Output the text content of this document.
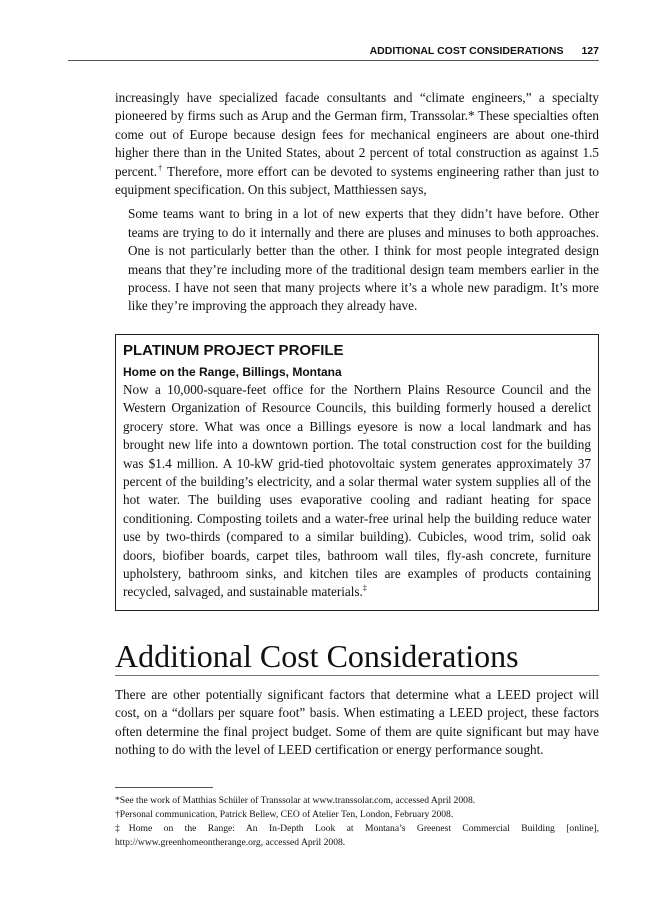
ADDITIONAL COST CONSIDERATIONS 127

increasingly have specialized facade consultants and “climate engineers,” a specialty pioneered by firms such as Arup and the German firm, Transsolar.* These specialties often come out of Europe because design fees for mechanical engineers are about one-third higher there than in the United States, about 2 percent of total construction as against 1.5 percent.† Therefore, more effort can be devoted to systems engineering rather than just to equipment specification. On this subject, Matthiessen says,

Some teams want to bring in a lot of new experts that they didn’t have before. Other teams are trying to do it internally and there are pluses and minuses to both approaches. One is not particularly better than the other. I think for most people integrated design means that they’re including more of the traditional design team members earlier in the process. I have not seen that many projects where it’s a whole new paradigm. It’s more like they’re improving the approach they already have.
PLATINUM PROJECT PROFILE
Home on the Range, Billings, Montana

Now a 10,000-square-feet office for the Northern Plains Resource Council and the Western Organization of Resource Councils, this building formerly housed a derelict grocery store. What was once a Billings eyesore is now a local landmark and has brought new life into a downtown portion. The total construction cost for the building was $1.4 million. A 10-kW grid-tied photovoltaic system generates approximately 37 percent of the building’s electricity, and a solar thermal water system supplies all of the hot water. The building uses evaporative cooling and radiant heating for space conditioning. Composting toilets and a water-free urinal help the building reduce water use by two-thirds (compared to a similar building). Cubicles, wood trim, solid oak doors, biofiber boards, carpet tiles, bathroom wall tiles, fly-ash concrete, furniture upholstery, bathroom sinks, and kitchen tiles are examples of products containing recycled, salvaged, and sustainable materials.‡

Additional Cost Considerations

There are other potentially significant factors that determine what a LEED project will cost, on a “dollars per square foot” basis. When estimating a LEED project, these factors often determine the final project budget. Some of them are quite significant but may have nothing to do with the level of LEED certification or energy performance sought.

*See the work of Matthias Schüler of Transsolar at www.transsolar.com, accessed April 2008.
†Personal communication, Patrick Bellew, CEO of Atelier Ten, London, February 2008.
‡Home on the Range: An In-Depth Look at Montana’s Greenest Commercial Building [online], http://www.greenhomeontherange.org, accessed April 2008.
